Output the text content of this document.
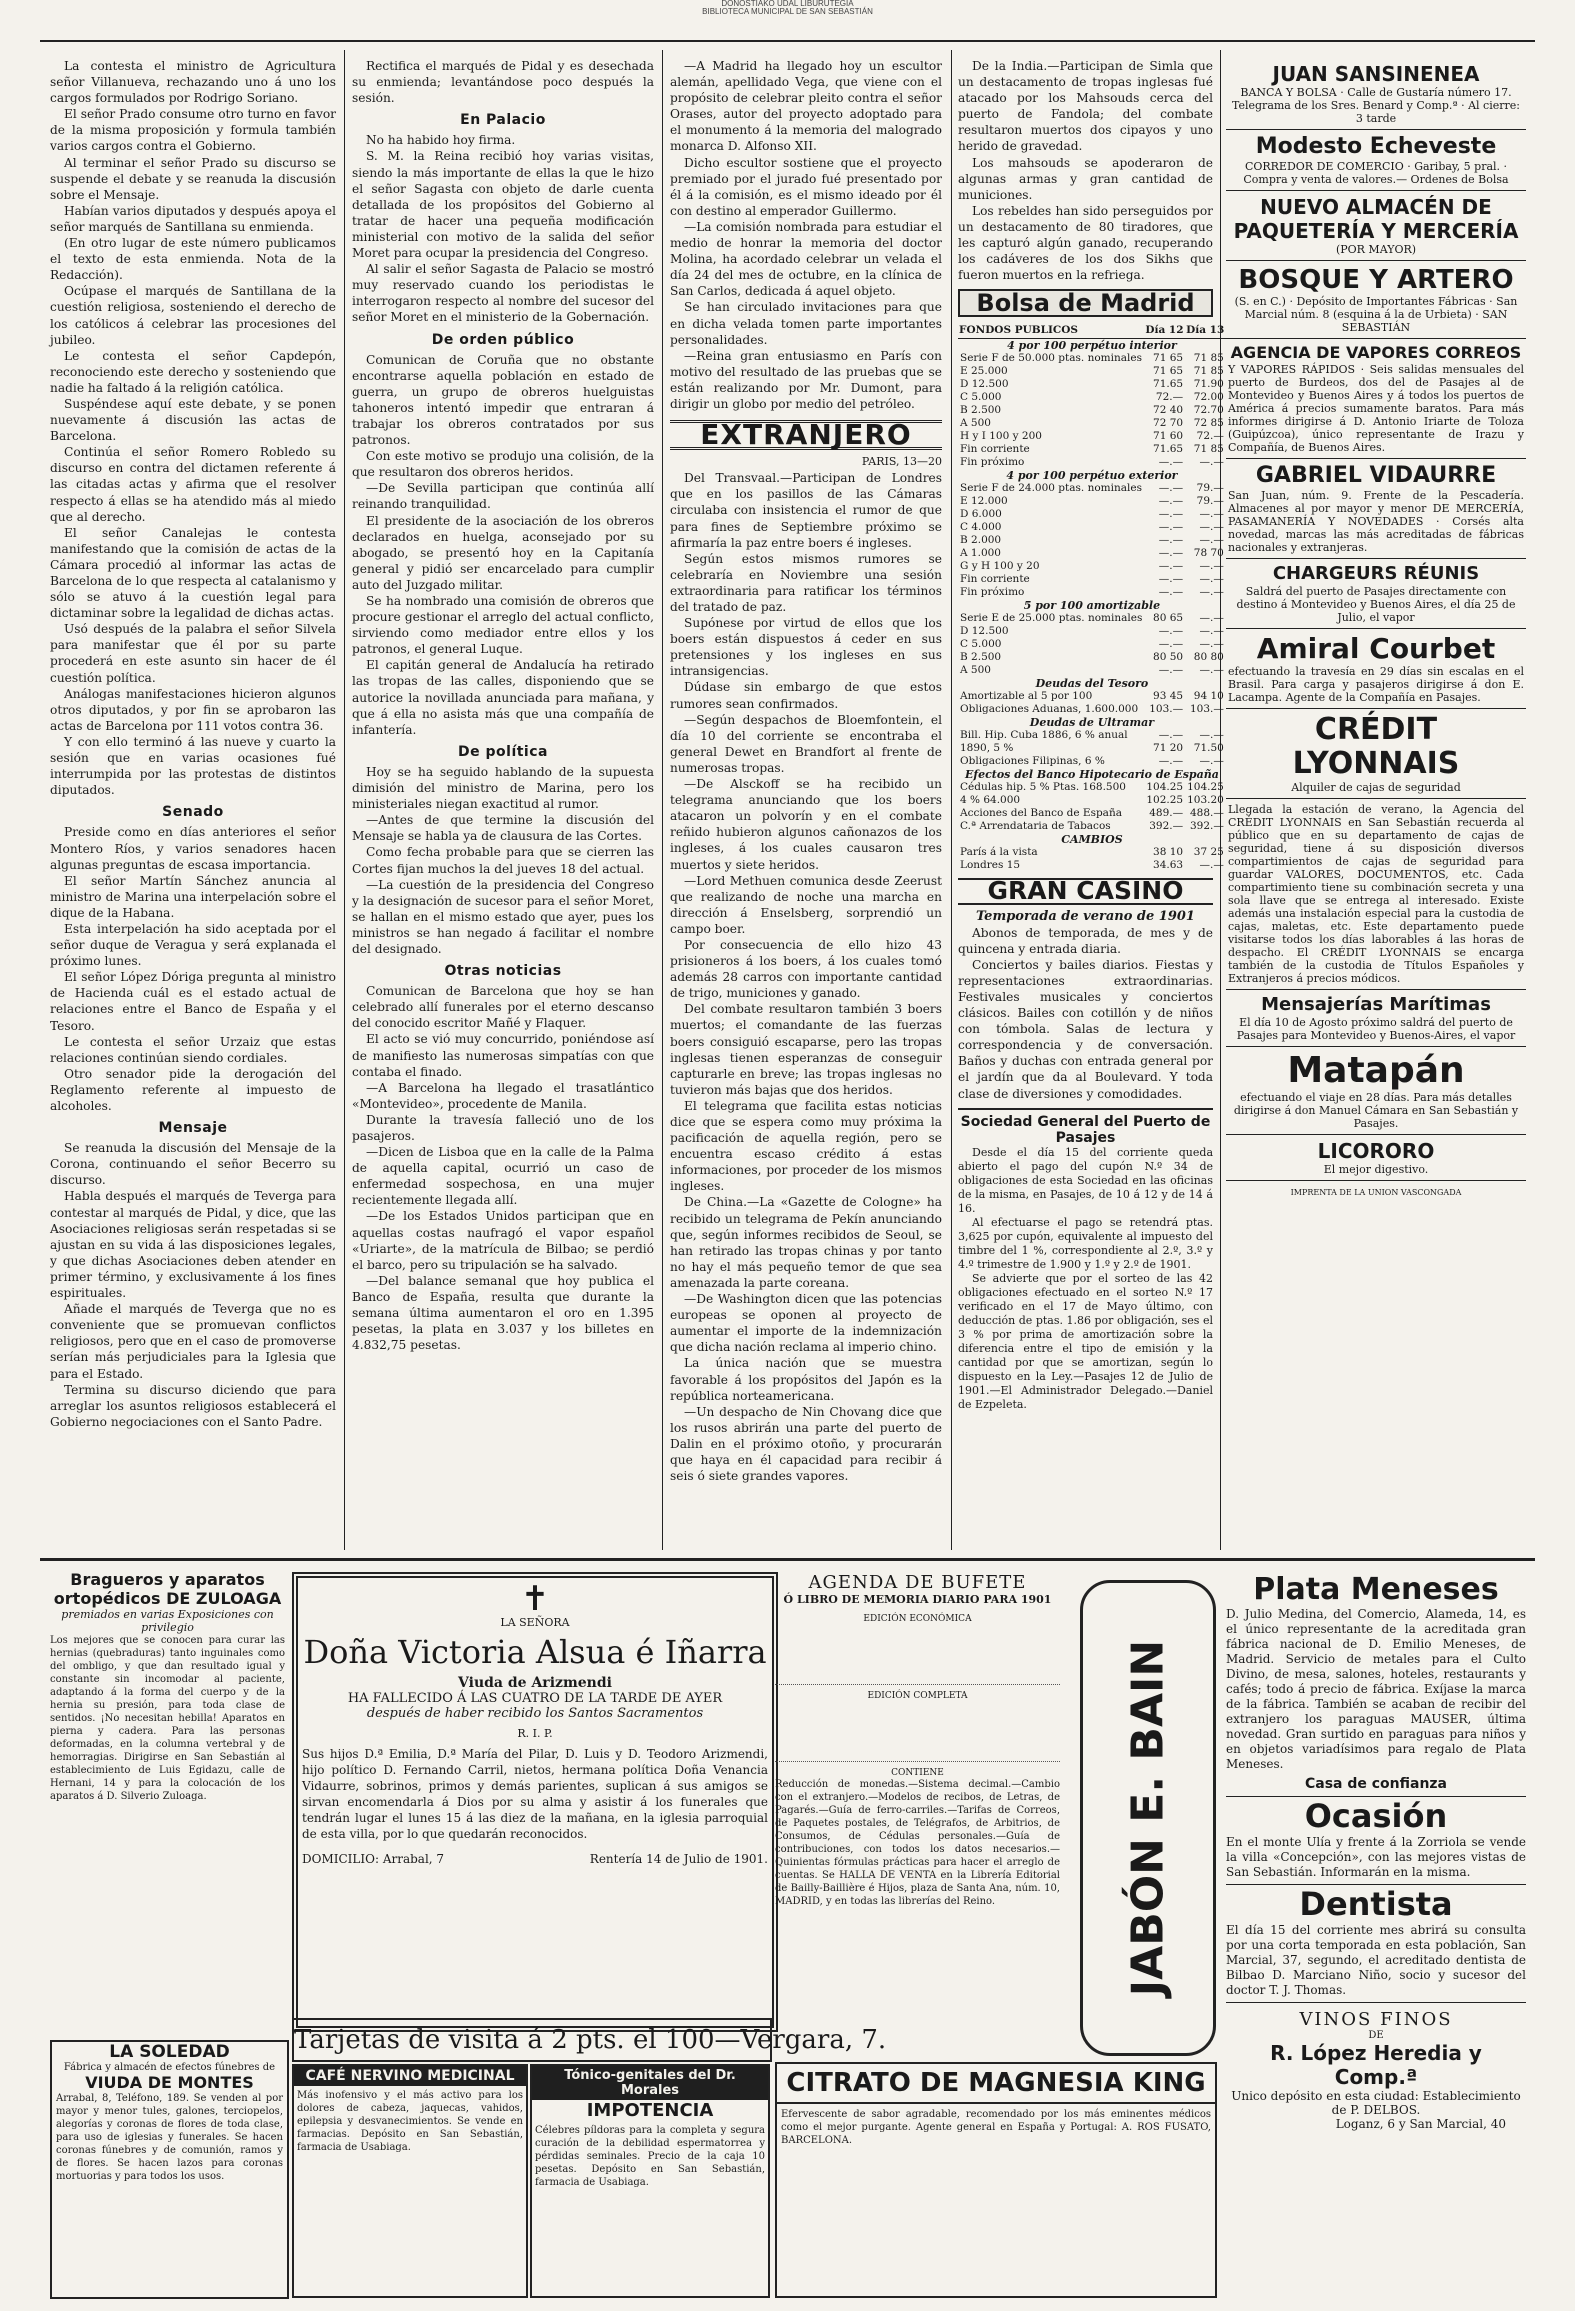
DONOSTIAKO UDAL LIBURUTEGIA
BIBLIOTECA MUNICIPAL DE SAN SEBASTIÁN

La contesta el ministro de Agricultura señor Villanueva, rechazando uno á uno los cargos formulados por Rodrigo Soriano.

El señor Prado consume otro turno en favor de la misma proposición y formula también varios cargos contra el Gobierno.

Al terminar el señor Prado su discurso se suspende el debate y se reanuda la discusión sobre el Mensaje.

Habían varios diputados y después apoya el señor marqués de Santillana su enmienda.

(En otro lugar de este número publicamos el texto de esta enmienda. Nota de la Redacción).

Ocúpase el marqués de Santillana de la cuestión religiosa, sosteniendo el derecho de los católicos á celebrar las procesiones del jubileo.

Le contesta el señor Capdepón, reconociendo este derecho y sosteniendo que nadie ha faltado á la religión católica.

Suspéndese aquí este debate, y se ponen nuevamente á discusión las actas de Barcelona.

Continúa el señor Romero Robledo su discurso en contra del dictamen referente á las citadas actas y afirma que el resolver respecto á ellas se ha atendido más al miedo que al derecho.

El señor Canalejas le contesta manifestando que la comisión de actas de la Cámara procedió al informar las actas de Barcelona de lo que respecta al catalanismo y sólo se atuvo á la cuestión legal para dictaminar sobre la legalidad de dichas actas.

Usó después de la palabra el señor Silvela para manifestar que él por su parte procederá en este asunto sin hacer de él cuestión política.

Análogas manifestaciones hicieron algunos otros diputados, y por fin se aprobaron las actas de Barcelona por 111 votos contra 36.

Y con ello terminó á las nueve y cuarto la sesión que en varias ocasiones fué interrumpida por las protestas de distintos diputados.

Senado

Preside como en días anteriores el señor Montero Ríos, y varios senadores hacen algunas preguntas de escasa importancia.

El señor Martín Sánchez anuncia al ministro de Marina una interpelación sobre el dique de la Habana.

Esta interpelación ha sido aceptada por el señor duque de Veragua y será explanada el próximo lunes.

El señor López Dóriga pregunta al ministro de Hacienda cuál es el estado actual de relaciones entre el Banco de España y el Tesoro.

Le contesta el señor Urzaiz que estas relaciones continúan siendo cordiales.

Otro senador pide la derogación del Reglamento referente al impuesto de alcoholes.

Mensaje

Se reanuda la discusión del Mensaje de la Corona, continuando el señor Becerro su discurso.

Habla después el marqués de Teverga para contestar al marqués de Pidal, y dice, que las Asociaciones religiosas serán respetadas si se ajustan en su vida á las disposiciones legales, y que dichas Asociaciones deben atender en primer término, y exclusivamente á los fines espirituales.

Añade el marqués de Teverga que no es conveniente que se promuevan conflictos religiosos, pero que en el caso de promoverse serían más perjudiciales para la Iglesia que para el Estado.

Termina su discurso diciendo que para arreglar los asuntos religiosos establecerá el Gobierno negociaciones con el Santo Padre.

Rectifica el marqués de Pidal y es desechada su enmienda; levantándose poco después la sesión.

En Palacio

No ha habido hoy firma.

S. M. la Reina recibió hoy varias visitas, siendo la más importante de ellas la que le hizo el señor Sagasta con objeto de darle cuenta detallada de los propósitos del Gobierno al tratar de hacer una pequeña modificación ministerial con motivo de la salida del señor Moret para ocupar la presidencia del Congreso.

Al salir el señor Sagasta de Palacio se mostró muy reservado cuando los periodistas le interrogaron respecto al nombre del sucesor del señor Moret en el ministerio de la Gobernación.

De orden público

Comunican de Coruña que no obstante encontrarse aquella población en estado de guerra, un grupo de obreros huelguistas tahoneros intentó impedir que entraran á trabajar los obreros contratados por sus patronos.

Con este motivo se produjo una colisión, de la que resultaron dos obreros heridos.

—De Sevilla participan que continúa allí reinando tranquilidad.

El presidente de la asociación de los obreros declarados en huelga, aconsejado por su abogado, se presentó hoy en la Capitanía general y pidió ser encarcelado para cumplir auto del Juzgado militar.

Se ha nombrado una comisión de obreros que procure gestionar el arreglo del actual conflicto, sirviendo como mediador entre ellos y los patronos, el general Luque.

El capitán general de Andalucía ha retirado las tropas de las calles, disponiendo que se autorice la novillada anunciada para mañana, y que á ella no asista más que una compañía de infantería.

De política

Hoy se ha seguido hablando de la supuesta dimisión del ministro de Marina, pero los ministeriales niegan exactitud al rumor.

—Antes de que termine la discusión del Mensaje se habla ya de clausura de las Cortes.

Como fecha probable para que se cierren las Cortes fijan muchos la del jueves 18 del actual.

—La cuestión de la presidencia del Congreso y la designación de sucesor para el señor Moret, se hallan en el mismo estado que ayer, pues los ministros se han negado á facilitar el nombre del designado.

Otras noticias

Comunican de Barcelona que hoy se han celebrado allí funerales por el eterno descanso del conocido escritor Mañé y Flaquer.

El acto se vió muy concurrido, poniéndose así de manifiesto las numerosas simpatías con que contaba el finado.

—A Barcelona ha llegado el trasatlántico «Montevideo», procedente de Manila.

Durante la travesía falleció uno de los pasajeros.

—Dicen de Lisboa que en la calle de la Palma de aquella capital, ocurrió un caso de enfermedad sospechosa, en una mujer recientemente llegada allí.

—De los Estados Unidos participan que en aquellas costas naufragó el vapor español «Uriarte», de la matrícula de Bilbao; se perdió el barco, pero su tripulación se ha salvado.

—Del balance semanal que hoy publica el Banco de España, resulta que durante la semana última aumentaron el oro en 1.395 pesetas, la plata en 3.037 y los billetes en 4.832,75 pesetas.

—A Madrid ha llegado hoy un escultor alemán, apellidado Vega, que viene con el propósito de celebrar pleito contra el señor Orases, autor del proyecto adoptado para el monumento á la memoria del malogrado monarca D. Alfonso XII.

Dicho escultor sostiene que el proyecto premiado por el jurado fué presentado por él á la comisión, es el mismo ideado por él con destino al emperador Guillermo.

—La comisión nombrada para estudiar el medio de honrar la memoria del doctor Molina, ha acordado celebrar un velada el día 24 del mes de octubre, en la clínica de San Carlos, dedicada á aquel objeto.

Se han circulado invitaciones para que en dicha velada tomen parte importantes personalidades.

—Reina gran entusiasmo en París con motivo del resultado de las pruebas que se están realizando por Mr. Dumont, para dirigir un globo por medio del petróleo.

EXTRANJERO
PARIS, 13—20

Del Transvaal.—Participan de Londres que en los pasillos de las Cámaras circulaba con insistencia el rumor de que para fines de Septiembre próximo se afirmaría la paz entre boers é ingleses.

Según estos mismos rumores se celebraría en Noviembre una sesión extraordinaria para ratificar los términos del tratado de paz.

Supónese por virtud de ellos que los boers están dispuestos á ceder en sus pretensiones y los ingleses en sus intransigencias.

Dúdase sin embargo de que estos rumores sean confirmados.

—Según despachos de Bloemfontein, el día 10 del corriente se encontraba el general Dewet en Brandfort al frente de numerosas tropas.

—De Alsckoff se ha recibido un telegrama anunciando que los boers atacaron un polvorín y en el combate reñido hubieron algunos cañonazos de los ingleses, á los cuales causaron tres muertos y siete heridos.

—Lord Methuen comunica desde Zeerust que realizando de noche una marcha en dirección á Enselsberg, sorprendió un campo boer.

Por consecuencia de ello hizo 43 prisioneros á los boers, á los cuales tomó además 28 carros con importante cantidad de trigo, municiones y ganado.

Del combate resultaron también 3 boers muertos; el comandante de las fuerzas boers consiguió escaparse, pero las tropas inglesas tienen esperanzas de conseguir capturarle en breve; las tropas inglesas no tuvieron más bajas que dos heridos.

El telegrama que facilita estas noticias dice que se espera como muy próxima la pacificación de aquella región, pero se encuentra escaso crédito á estas informaciones, por proceder de los mismos ingleses.

De China.—La «Gazette de Cologne» ha recibido un telegrama de Pekín anunciando que, según informes recibidos de Seoul, se han retirado las tropas chinas y por tanto no hay el más pequeño temor de que sea amenazada la parte coreana.

—De Washington dicen que las potencias europeas se oponen al proyecto de aumentar el importe de la indemnización que dicha nación reclama al imperio chino.

La única nación que se muestra favorable á los propósitos del Japón es la república norteamericana.

—Un despacho de Nin Chovang dice que los rusos abrirán una parte del puerto de Dalin en el próximo otoño, y procurarán que haya en él capacidad para recibir á seis ó siete grandes vapores.

De la India.—Participan de Simla que un destacamento de tropas inglesas fué atacado por los Mahsouds cerca del puerto de Fandola; del combate resultaron muertos dos cipayos y uno herido de gravedad.

Los mahsouds se apoderaron de algunas armas y gran cantidad de municiones.

Los rebeldes han sido perseguidos por un destacamento de 80 tiradores, que les capturó algún ganado, recuperando los cadáveres de los dos Sikhs que fueron muertos en la refriega.

Bolsa de Madrid
FONDOS PUBLICOS	Día 12	Día 13
4 por 100 perpétuo interior		
Serie F de 50.000 ptas. nominales	71 65	71 85
E 25.000	71 65	71 85
D 12.500	71.65	71.90
C 5.000	72.—	72.00
B 2.500	72 40	72.70
A 500	72 70	72 85
H y I 100 y 200	71 60	72.—
Fin corriente	71.65	71 85
Fin próximo	—.—	—.—
4 por 100 perpétuo exterior		
Serie F de 24.000 ptas. nominales	—.—	79.—
E 12.000	—.—	79.—
D 6.000	—.—	—.—
C 4.000	—.—	—.—
B 2.000	—.—	—.—
A 1.000	—.—	78 70
G y H 100 y 20	—.—	—.—
Fin corriente	—.—	—.—
Fin próximo	—.—	—.—
5 por 100 amortizable		
Serie E de 25.000 ptas. nominales	80 65	—.—
D 12.500	—.—	—.—
C 5.000	—.—	—.—
B 2.500	80 50	80 80
A 500	—.—	—.—
Deudas del Tesoro		
Amortizable al 5 por 100	93 45	94 10
Obligaciones Aduanas, 1.600.000	103.—	103.—
Deudas de Ultramar		
Bill. Hip. Cuba 1886, 6 % anual	—.—	—.—
1890, 5 %	71 20	71.50
Obligaciones Filipinas, 6 %	—.—	—.—
Efectos del Banco Hipotecario de España		
Cédulas hip. 5 % Ptas. 168.500	104.25	104.25
4 % 64.000	102.25	103.20
Acciones del Banco de España	489.—	488.—
C.ª Arrendataria de Tabacos	392.—	392.—
CAMBIOS		
París á la vista	38 10	37 25
Londres 15	34.63	—.—
GRAN CASINO
Temporada de verano de 1901

Abonos de temporada, de mes y de quincena y entrada diaria.

Conciertos y bailes diarios. Fiestas y representaciones extraordinarias. Festivales musicales y conciertos clásicos. Bailes con cotillón y de niños con tómbola. Salas de lectura y correspondencia y de conversación. Baños y duchas con entrada general por el jardín que da al Boulevard. Y toda clase de diversiones y comodidades.

Sociedad General del Puerto de Pasajes

Desde el día 15 del corriente queda abierto el pago del cupón N.º 34 de obligaciones de esta Sociedad en las oficinas de la misma, en Pasajes, de 10 á 12 y de 14 á 16.

Al efectuarse el pago se retendrá ptas. 3,625 por cupón, equivalente al impuesto del timbre del 1 %, correspondiente al 2.º, 3.º y 4.º trimestre de 1.900 y 1.º y 2.º de 1901.

Se advierte que por el sorteo de las 42 obligaciones efectuado en el sorteo N.º 17 verificado en el 17 de Mayo último, con deducción de ptas. 1.86 por obligación, ses el 3 % por prima de amortización sobre la diferencia entre el tipo de emisión y la cantidad por que se amortizan, según lo dispuesto en la Ley.—Pasajes 12 de Julio de 1901.—El Administrador Delegado.—Daniel de Ezpeleta.

JUAN SANSINENEA
BANCA Y BOLSA · Calle de Gustaría número 17. Telegrama de los Sres. Benard y Comp.ª · Al cierre: 3 tarde
Modesto Echeveste
CORREDOR DE COMERCIO · Garibay, 5 pral. · Compra y venta de valores.— Ordenes de Bolsa
NUEVO ALMACÉN DE PAQUETERÍA Y MERCERÍA
(POR MAYOR)
BOSQUE Y ARTERO
(S. en C.) · Depósito de Importantes Fábricas · San Marcial núm. 8 (esquina á la de Urbieta) · SAN SEBASTIÁN
AGENCIA DE VAPORES CORREOS
Y VAPORES RÁPIDOS · Seis salidas mensuales del puerto de Burdeos, dos del de Pasajes al de Montevideo y Buenos Aires y á todos los puertos de América á precios sumamente baratos. Para más informes dirigirse á D. Antonio Iriarte de Toloza (Guipúzcoa), único representante de Irazu y Compañía, de Buenos Aires.
GABRIEL VIDAURRE
San Juan, núm. 9. Frente de la Pescadería. Almacenes al por mayor y menor DE MERCERÍA, PASAMANERÍA Y NOVEDADES · Corsés alta novedad, marcas las más acreditadas de fábricas nacionales y extranjeras.
CHARGEURS RÉUNIS
Saldrá del puerto de Pasajes directamente con destino á Montevideo y Buenos Aires, el día 25 de Julio, el vapor
Amiral Courbet
efectuando la travesía en 29 días sin escalas en el Brasil. Para carga y pasajeros dirigirse á don E. Lacampa. Agente de la Compañía en Pasajes.
CRÉDIT LYONNAIS
Alquiler de cajas de seguridad
Llegada la estación de verano, la Agencia del CRÉDIT LYONNAIS en San Sebastián recuerda al público que en su departamento de cajas de seguridad, tiene á su disposición diversos compartimientos de cajas de seguridad para guardar VALORES, DOCUMENTOS, etc. Cada compartimiento tiene su combinación secreta y una sola llave que se entrega al interesado. Existe además una instalación especial para la custodia de cajas, maletas, etc. Este departamento puede visitarse todos los días laborables á las horas de despacho. El CRÉDIT LYONNAIS se encarga también de la custodia de Títulos Españoles y Extranjeros á precios módicos.
Mensajerías Marítimas
El día 10 de Agosto próximo saldrá del puerto de Pasajes para Montevideo y Buenos-Aires, el vapor
Matapán
efectuando el viaje en 28 días. Para más detalles dirigirse á don Manuel Cámara en San Sebastián y Pasajes.
LICORORO
El mejor digestivo.
IMPRENTA DE LA UNION VASCONGADA
Bragueros y aparatos ortopédicos DE ZULOAGA
premiados en varias Exposiciones con privilegio
Los mejores que se conocen para curar las hernias (quebraduras) tanto inguinales como del ombligo, y que dan resultado igual y constante sin incomodar al paciente, adaptando á la forma del cuerpo y de la hernia su presión, para toda clase de sentidos. ¡No necesitan hebilla! Aparatos en pierna y cadera. Para las personas deformadas, en la columna vertebral y de hemorragias. Dirigirse en San Sebastián al establecimiento de Luis Egidazu, calle de Hernani, 14 y para la colocación de los aparatos á D. Silverio Zuloaga.
LA SOLEDAD
Fábrica y almacén de efectos fúnebres de
VIUDA DE MONTES
Arrabal, 8, Teléfono, 189. Se venden al por mayor y menor tules, galones, terciopelos, alegorías y coronas de flores de toda clase, para uso de iglesias y funerales. Se hacen coronas fúnebres y de comunión, ramos y de flores. Se hacen lazos para coronas mortuorias y para todos los usos.
✝
LA SEÑORA
Doña Victoria Alsua é Iñarra
Viuda de Arizmendi
HA FALLECIDO Á LAS CUATRO DE LA TARDE DE AYER
después de haber recibido los Santos Sacramentos
R. I. P.
Sus hijos D.ª Emilia, D.ª María del Pilar, D. Luis y D. Teodoro Arizmendi, hijo político D. Fernando Carril, nietos, hermana política Doña Venancia Vidaurre, sobrinos, primos y demás parientes, suplican á sus amigos se sirvan encomendarla á Dios por su alma y asistir á los funerales que tendrán lugar el lunes 15 á las diez de la mañana, en la iglesia parroquial de esta villa, por lo que quedarán reconocidos.
DOMICILIO: Arrabal, 7	Rentería 14 de Julio de 1901.
Tarjetas de visita á 2 pts. el 100—Vergara, 7.
CAFÉ NERVINO MEDICINAL
Más inofensivo y el más activo para los dolores de cabeza, jaquecas, vahidos, epilepsia y desvanecimientos. Se vende en farmacias. Depósito en San Sebastián, farmacia de Usabiaga.
Tónico-genitales del Dr. Morales
IMPOTENCIA
Célebres píldoras para la completa y segura curación de la debilidad espermatorrea y pérdidas seminales. Precio de la caja 10 pesetas. Depósito en San Sebastián, farmacia de Usabiaga.
AGENDA DE BUFETE
Ó LIBRO DE MEMORIA DIARIO PARA 1901
EDICIÓN ECONÓMICA
EDICIÓN COMPLETA
CONTIENE
Reducción de monedas.—Sistema decimal.—Cambio con el extranjero.—Modelos de recibos, de Letras, de Pagarés.—Guía de ferro-carriles.—Tarifas de Correos, de Paquetes postales, de Telégrafos, de Arbitrios, de Consumos, de Cédulas personales.—Guía de contribuciones, con todos los datos necesarios.—Quinientas fórmulas prácticas para hacer el arreglo de cuentas. Se HALLA DE VENTA en la Librería Editorial de Bailly-Baillière é Hijos, plaza de Santa Ana, núm. 10, MADRID, y en todas las librerías del Reino.	JABÓN E. BAIN
CITRATO DE MAGNESIA KING
Efervescente de sabor agradable, recomendado por los más eminentes médicos como el mejor purgante. Agente general en España y Portugal: A. ROS FUSATO, BARCELONA.
Plata Meneses
D. Julio Medina, del Comercio, Alameda, 14, es el único representante de la acreditada gran fábrica nacional de D. Emilio Meneses, de Madrid. Servicio de metales para el Culto Divino, de mesa, salones, hoteles, restaurants y cafés; todo á precio de fábrica. Exíjase la marca de la fábrica. También se acaban de recibir del extranjero los paraguas MAUSER, última novedad. Gran surtido en paraguas para niños y en objetos variadísimos para regalo de Plata Meneses.
Casa de confianza
Ocasión
En el monte Ulía y frente á la Zorriola se vende la villa «Concepción», con las mejores vistas de San Sebastián. Informarán en la misma.
Dentista
El día 15 del corriente mes abrirá su consulta por una corta temporada en esta población, San Marcial, 37, segundo, el acreditado dentista de Bilbao D. Marciano Niño, socio y sucesor del doctor T. J. Thomas.
VINOS FINOS
DE
R. López Heredia y Comp.ª
Unico depósito en esta ciudad: Establecimiento de P. DELBOS.
Loganz, 6 y San Marcial, 40
